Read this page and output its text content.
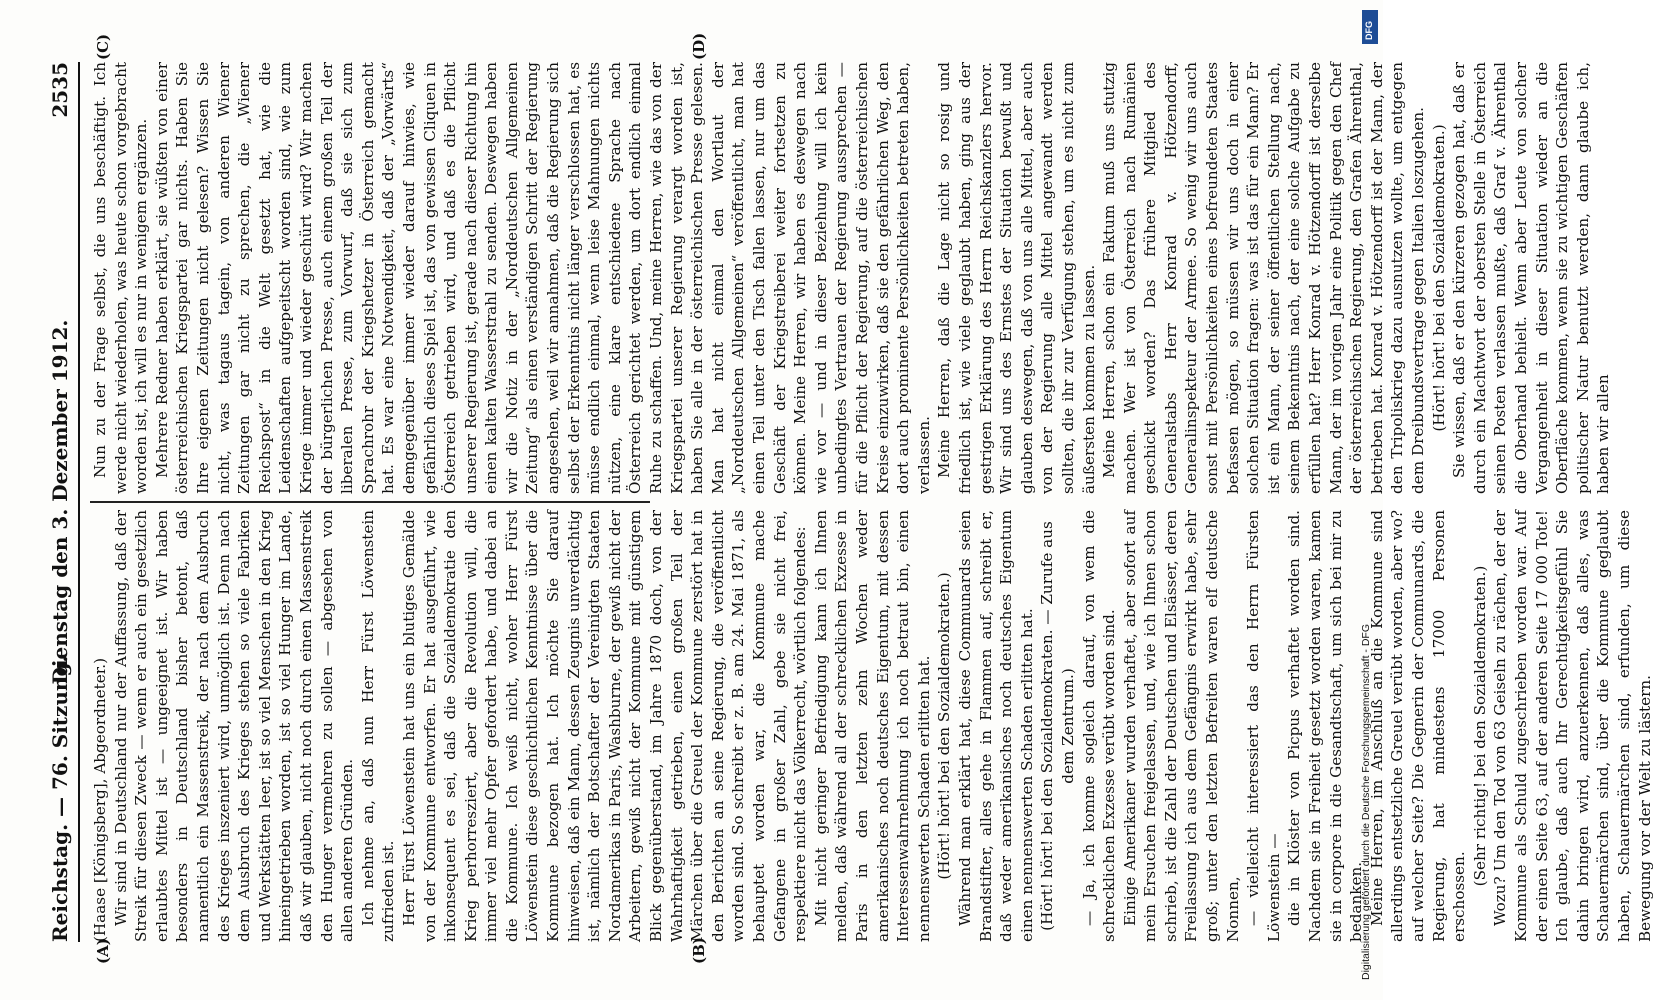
Reichstag. — 76. Sitzung.
Dienstag den 3. Dezember 1912.
2535
(A)	(B)
(C)	(D)

(Haase [Königsberg], Abgeordneter.) Wir sind in Deutschland nur der Auffassung, daß der Streik für diesen Zweck — wenn er auch ein gesetzlich erlaubtes Mittel ist — ungeeignet ist. Wir haben besonders in Deutschland bisher betont, daß namentlich ein Massenstreik, der nach dem Ausbruch des Krieges inszeniert wird, unmöglich ist. Denn nach dem Ausbruch des Krieges stehen so viele Fabriken und Werkstätten leer, ist so viel Menschen in den Krieg hineingetrieben worden, ist so viel Hunger im Lande, daß wir glauben, nicht noch durch einen Massenstreik den Hunger vermehren zu sollen — abgesehen von allen anderen Gründen. Ich nehme an, daß nun Herr Fürst Löwenstein zufrieden ist. Herr Fürst Löwenstein hat uns ein blutiges Gemälde von der Kommune entworfen. Er hat ausgeführt, wie inkonsequent es sei, daß die Sozialdemokratie den Krieg perhorresziert, aber die Revolution will, die immer viel mehr Opfer gefordert habe, und dabei an die Kommune. Ich weiß nicht, woher Herr Fürst Löwenstein diese geschichtlichen Kenntnisse über die Kommune bezogen hat. Ich möchte Sie darauf hinweisen, daß ein Mann, dessen Zeugnis unverdächtig ist, nämlich der Botschafter der Vereinigten Staaten Nordamerikas in Paris, Washburne, der gewiß nicht der Arbeitern, gewiß nicht der Kommune mit günstigem Blick gegenüberstand, im Jahre 1870 doch, von der Wahrhaftigkeit getrieben, einen großen Teil der Märchen über die Greuel der Kommune zerstört hat in den Berichten an seine Regierung, die veröffentlicht worden sind. So schreibt er z. B. am 24. Mai 1871, als behauptet worden war, die Kommune mache Gefangene in großer Zahl, gebe sie nicht frei, respektiere nicht das Völkerrecht, wörtlich folgendes: Mit nicht geringer Befriedigung kann ich Ihnen melden, daß während all der schrecklichen Exzesse in Paris in den letzten zehn Wochen weder amerikanisches noch deutsches Eigentum, mit dessen Interessenwahrnehmung ich noch betraut bin, einen nennenswerten Schaden erlitten hat. (Hört! hört! bei den Sozialdemokraten.) Während man erklärt hat, diese Communards seien Brandstifter, alles gehe in Flammen auf, schreibt er, daß weder amerikanisches noch deutsches Eigentum einen nennenswerten Schaden erlitten hat. (Hört! hört! bei den Sozialdemokraten. — Zurufe aus dem Zentrum.) — Ja, ich komme sogleich darauf, von wem die schrecklichen Exzesse verübt worden sind. Einige Amerikaner wurden verhaftet, aber sofort auf mein Ersuchen freigelassen, und, wie ich Ihnen schon schrieb, ist die Zahl der Deutschen und Elsässer, deren Freilassung ich aus dem Gefängnis erwirkt habe, sehr groß; unter den letzten Befreiten waren elf deutsche Nonnen, — vielleicht interessiert das den Herrn Fürsten Löwenstein — die in Klöster von Picpus verhaftet worden sind. Nachdem sie in Freiheit gesetzt worden waren, kamen sie in corpore in die Gesandtschaft, um sich bei mir zu bedanken. Meine Herren, im Anschluß an die Kommune sind allerdings entsetzliche Greuel verübt worden, aber wo? auf welcher Seite? Die Gegnerin der Communards, die Regierung, hat mindestens 17000 Personen erschossen.

(Sehr richtig! bei den Sozialdemokraten.) Wozu? Um den Tod von 63 Geiseln zu rächen, der der Kommune als Schuld zugeschrieben worden war. Auf der einen Seite 63, auf der anderen Seite 17 000 Tote! Ich glaube, daß auch Ihr Gerechtigkeitsgefühl Sie dahin bringen wird, anzuerkennen, daß alles, was Schauermärchen sind, über die Kommune geglaubt haben, Schauermärchen sind, erfunden, um diese Bewegung vor der Welt zu lästern.

Nun zu der Frage selbst, die uns beschäftigt. Ich werde nicht wiederholen, was heute schon vorgebracht worden ist, ich will es nur in wenigem ergänzen. Mehrere Redner haben erklärt, sie wüßten von einer österreichischen Kriegspartei gar nichts. Haben Sie Ihre eigenen Zeitungen nicht gelesen? Wissen Sie nicht, was tagaus tagein, von anderen Wiener Zeitungen gar nicht zu sprechen, die „Wiener Reichspost“ in die Welt gesetzt hat, wie die Leidenschaften aufgepeitscht worden sind, wie zum Kriege immer und wieder geschürt wird? Wir machen der bürgerlichen Presse, auch einem großen Teil der liberalen Presse, zum Vorwurf, daß sie sich zum Sprachrohr der Kriegshetzer in Österreich gemacht hat. Es war eine Notwendigkeit, daß der „Vorwärts“ demgegenüber immer wieder darauf hinwies, wie gefährlich dieses Spiel ist, das von gewissen Cliquen in Österreich getrieben wird, und daß es die Pflicht unserer Regierung ist, gerade nach dieser Richtung hin einen kalten Wasserstrahl zu senden. Deswegen haben wir die Notiz in der „Norddeutschen Allgemeinen Zeitung“ als einen verständigen Schritt der Regierung angesehen, weil wir annahmen, daß die Regierung sich selbst der Erkenntnis nicht länger verschlossen hat, es müsse endlich einmal, wenn leise Mahnungen nichts nützen, eine klare entschiedene Sprache nach Österreich gerichtet werden, um dort endlich einmal Ruhe zu schaffen. Und, meine Herren, wie das von der Kriegspartei unserer Regierung verargt worden ist, haben Sie alle in der österreichischen Presse gelesen. Man hat nicht einmal den Wortlaut der „Norddeutschen Allgemeinen“ veröffentlicht, man hat einen Teil unter den Tisch fallen lassen, nur um das Geschäft der Kriegstreiberei weiter fortsetzen zu können. Meine Herren, wir haben es deswegen nach wie vor — und in dieser Beziehung will ich kein unbedingtes Vertrauen der Regierung aussprechen — für die Pflicht der Regierung, auf die österreichischen Kreise einzuwirken, daß sie den gefährlichen Weg, den dort auch prominente Persönlichkeiten betreten haben, verlassen. Meine Herren, daß die Lage nicht so rosig und friedlich ist, wie viele geglaubt haben, ging aus der gestrigen Erklärung des Herrn Reichskanzlers hervor. Wir sind uns des Ernstes der Situation bewußt und glauben deswegen, daß von uns alle Mittel, aber auch von der Regierung alle Mittel angewandt werden sollten, die ihr zur Verfügung stehen, um es nicht zum äußersten kommen zu lassen. Meine Herren, schon ein Faktum muß uns stutzig machen. Wer ist von Österreich nach Rumänien geschickt worden? Das frühere Mitglied des Generalstabs Herr Konrad v. Hötzendorff, Generalinspekteur der Armee. So wenig wir uns auch sonst mit Persönlichkeiten eines befreundeten Staates befassen mögen, so müssen wir uns doch in einer solchen Situation fragen: was ist das für ein Mann? Er ist ein Mann, der seiner öffentlichen Stellung nach, seinem Bekenntnis nach, der eine solche Aufgabe zu erfüllen hat? Herr Konrad v. Hötzendorff ist derselbe Mann, der im vorigen Jahr eine Politik gegen den Chef der österreichischen Regierung, den Grafen Ährenthal, betrieben hat. Konrad v. Hötzendorff ist der Mann, der den Tripoliskrieg dazu ausnutzen wollte, um entgegen dem Dreibundsvertrage gegen Italien loszugehen. (Hört! hört! bei den Sozialdemokraten.) Sie wissen, daß er den kürzeren gezogen hat, daß er durch ein Machtwort der obersten Stelle in Österreich seinen Posten verlassen mußte, daß Graf v. Ährenthal die Oberhand behielt. Wenn aber Leute von solcher Vergangenheit in dieser Situation wieder an die Oberfläche kommen, wenn sie zu wichtigen Geschäften politischer Natur benutzt werden, dann glaube ich, haben wir allen

DFG
Digitalisierung gefördert durch die Deutsche Forschungsgemeinschaft - DFG
